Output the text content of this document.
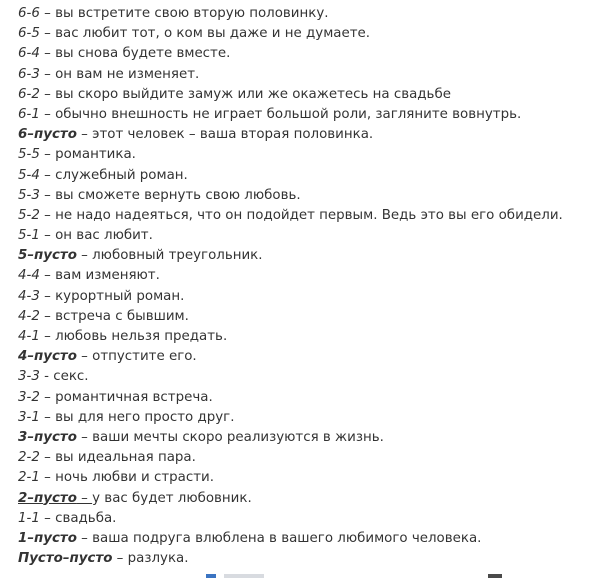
6-6 – вы встретите свою вторую половинку.
6-5 – вас любит тот, о ком вы даже и не думаете.
6-4 – вы снова будете вместе.
6-3 – он вам не изменяет.
6-2 – вы скоро выйдите замуж или же окажетесь на свадьбе
6-1 – обычно внешность не играет большой роли, загляните вовнутрь.
6–пусто – этот человек – ваша вторая половинка.
5-5 – романтика.
5-4 – служебный роман.
5-3 – вы сможете вернуть свою любовь.
5-2 – не надо надеяться, что он подойдет первым. Ведь это вы его обидели.
5-1 – он вас любит.
5–пусто – любовный треугольник.
4-4 – вам изменяют.
4-3 – курортный роман.
4-2 – встреча с бывшим.
4-1 – любовь нельзя предать.
4–пусто – отпустите его.
3-3 - секс.
3-2 – романтичная встреча.
3-1 – вы для него просто друг.
3–пусто – ваши мечты скоро реализуются в жизнь.
2-2 – вы идеальная пара.
2-1 – ночь любви и страсти.
2–пусто – у вас будет любовник.
1-1 – свадьба.
1–пусто – ваша подруга влюблена в вашего любимого человека.
Пусто–пусто – разлука.
